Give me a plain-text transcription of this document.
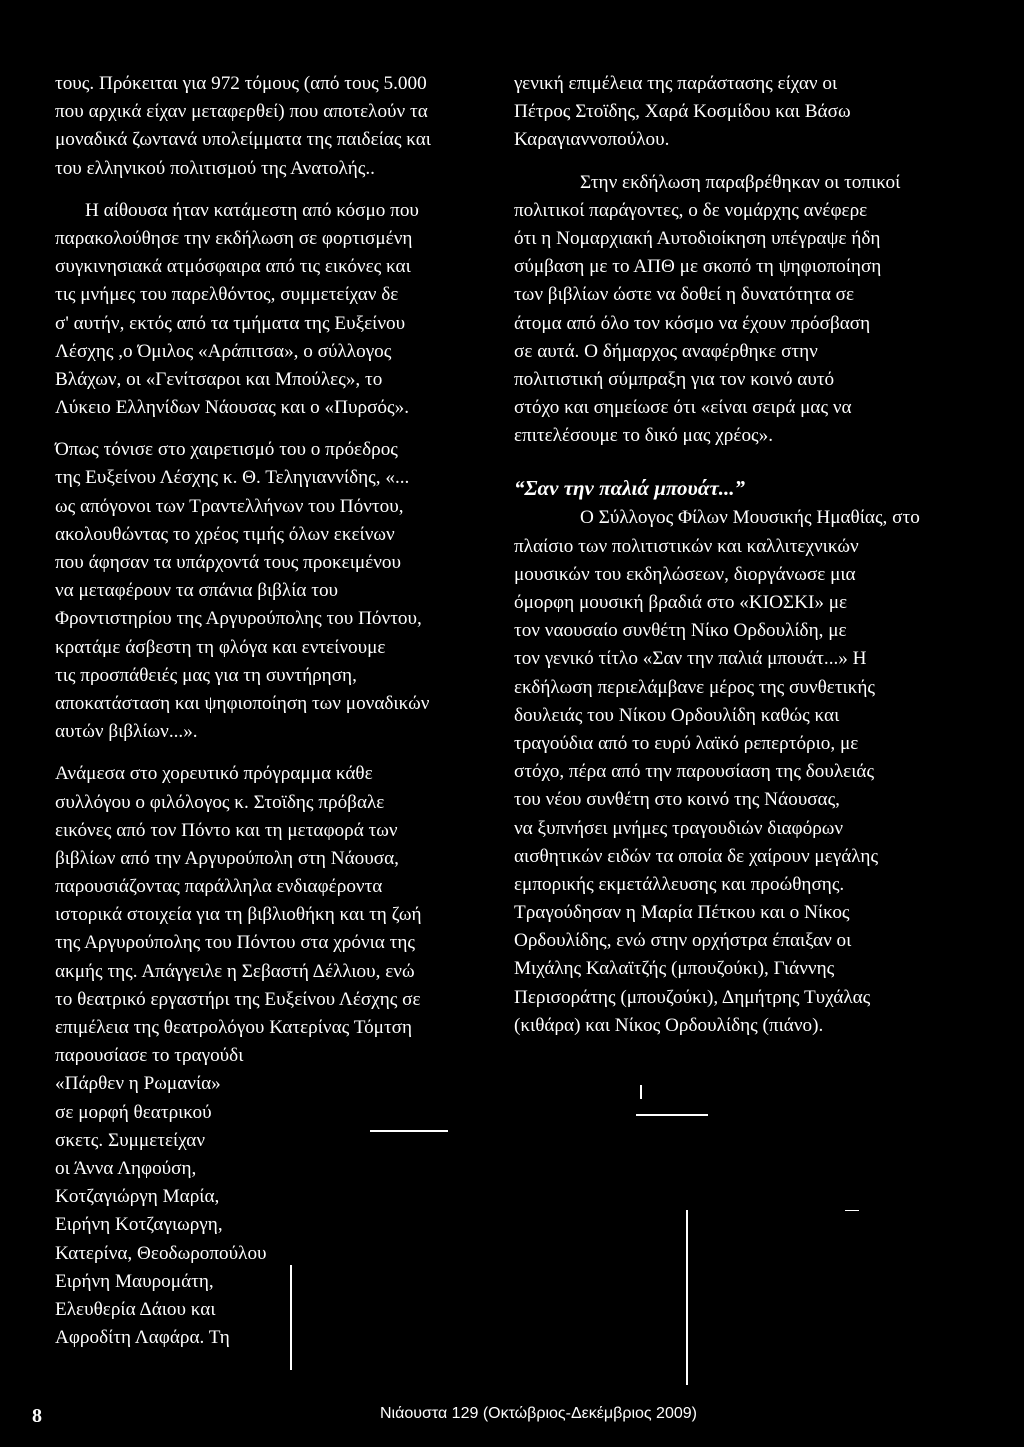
τους. Πρόκειται για 972 τόμους (από τους 5.000
που αρχικά είχαν μεταφερθεί) που αποτελούν τα
μοναδικά ζωντανά υπολείμματα της παιδείας και
του ελληνικού πολιτισμού της Ανατολής..
Η αίθουσα ήταν κατάμεστη από κόσμο που
παρακολούθησε την εκδήλωση σε φορτισμένη
συγκινησιακά ατμόσφαιρα από τις εικόνες και
τις μνήμες του παρελθόντος, συμμετείχαν δε
σ' αυτήν, εκτός από τα τμήματα της Ευξείνου
Λέσχης ,ο Όμιλος «Αράπιτσα», ο σύλλογος
Βλάχων, οι «Γενίτσαροι και Μπούλες», το
Λύκειο Ελληνίδων Νάουσας και ο «Πυρσός».
Όπως τόνισε στο χαιρετισμό του ο πρόεδρος
της Ευξείνου Λέσχης κ. Θ. Τεληγιαννίδης, «...
ως απόγονοι των Τραντελλήνων του Πόντου,
ακολουθώντας το χρέος τιμής όλων εκείνων
που άφησαν τα υπάρχοντά τους προκειμένου
να μεταφέρουν τα σπάνια βιβλία του
Φροντιστηρίου της Αργυρούπολης του Πόντου,
κρατάμε άσβεστη τη φλόγα και εντείνουμε
τις προσπάθειές μας για τη συντήρηση,
αποκατάσταση και ψηφιοποίηση των μοναδικών
αυτών βιβλίων...».
Ανάμεσα στο χορευτικό πρόγραμμα κάθε
συλλόγου ο φιλόλογος κ. Στοϊδης πρόβαλε
εικόνες από τον Πόντο και τη μεταφορά των
βιβλίων από την Αργυρούπολη στη Νάουσα,
παρουσιάζοντας παράλληλα ενδιαφέροντα
ιστορικά στοιχεία για τη βιβλιοθήκη και τη ζωή
της Αργυρούπολης του Πόντου στα χρόνια της
ακμής της. Απάγγειλε η Σεβαστή Δέλλιου, ενώ
το θεατρικό εργαστήρι της Ευξείνου Λέσχης σε
επιμέλεια της θεατρολόγου Κατερίνας Τόμτση
παρουσίασε το τραγούδι
«Πάρθεν η Ρωμανία»
σε μορφή θεατρικού
σκετς. Συμμετείχαν
οι Άννα Ληφούση,
Κοτζαγιώργη Μαρία,
Ειρήνη Κοτζαγιωργη,
Κατερίνα, Θεοδωροπούλου
Ειρήνη Μαυρομάτη,
Ελευθερία Δάιου και
Αφροδίτη Λαφάρα. Τη
γενική επιμέλεια της παράστασης είχαν οι
Πέτρος Στοϊδης, Χαρά Κοσμίδου και Βάσω
Καραγιαννοπούλου.
Στην εκδήλωση παραβρέθηκαν οι τοπικοί
πολιτικοί παράγοντες, ο δε νομάρχης ανέφερε
ότι η Νομαρχιακή Αυτοδιοίκηση υπέγραψε ήδη
σύμβαση με το ΑΠΘ με σκοπό τη ψηφιοποίηση
των βιβλίων ώστε να δοθεί η δυνατότητα σε
άτομα από όλο τον κόσμο να έχουν πρόσβαση
σε αυτά. Ο δήμαρχος αναφέρθηκε στην
πολιτιστική σύμπραξη για τον κοινό αυτό
στόχο και σημείωσε ότι «είναι σειρά μας να
επιτελέσουμε το δικό μας χρέος».
“Σαν την παλιά μπουάτ...”
Ο Σύλλογος Φίλων Μουσικής Ημαθίας, στο
πλαίσιο των πολιτιστικών και καλλιτεχνικών
μουσικών του εκδηλώσεων, διοργάνωσε μια
όμορφη μουσική βραδιά στο «ΚΙΟΣΚΙ» με
τον ναουσαίο συνθέτη Νίκο Ορδουλίδη, με
τον γενικό τίτλο «Σαν την παλιά μπουάτ...» Η
εκδήλωση περιελάμβανε μέρος της συνθετικής
δουλειάς του Νίκου Ορδουλίδη καθώς και
τραγούδια από το ευρύ λαϊκό ρεπερτόριο, με
στόχο, πέρα από την παρουσίαση της δουλειάς
του νέου συνθέτη στο κοινό της Νάουσας,
να ξυπνήσει μνήμες τραγουδιών διαφόρων
αισθητικών ειδών τα οποία δε χαίρουν μεγάλης
εμπορικής εκμετάλλευσης και προώθησης.
Τραγούδησαν η Μαρία Πέτκου και ο Νίκος
Ορδουλίδης, ενώ στην ορχήστρα έπαιξαν οι
Μιχάλης Καλαϊτζής (μπουζούκι), Γιάννης
Περισοράτης (μπουζούκι), Δημήτρης Τυχάλας
(κιθάρα) και Νίκος Ορδουλίδης (πιάνο).
8	Νιάουστα 129 (Οκτώβριος-Δεκέμβριος 2009)
